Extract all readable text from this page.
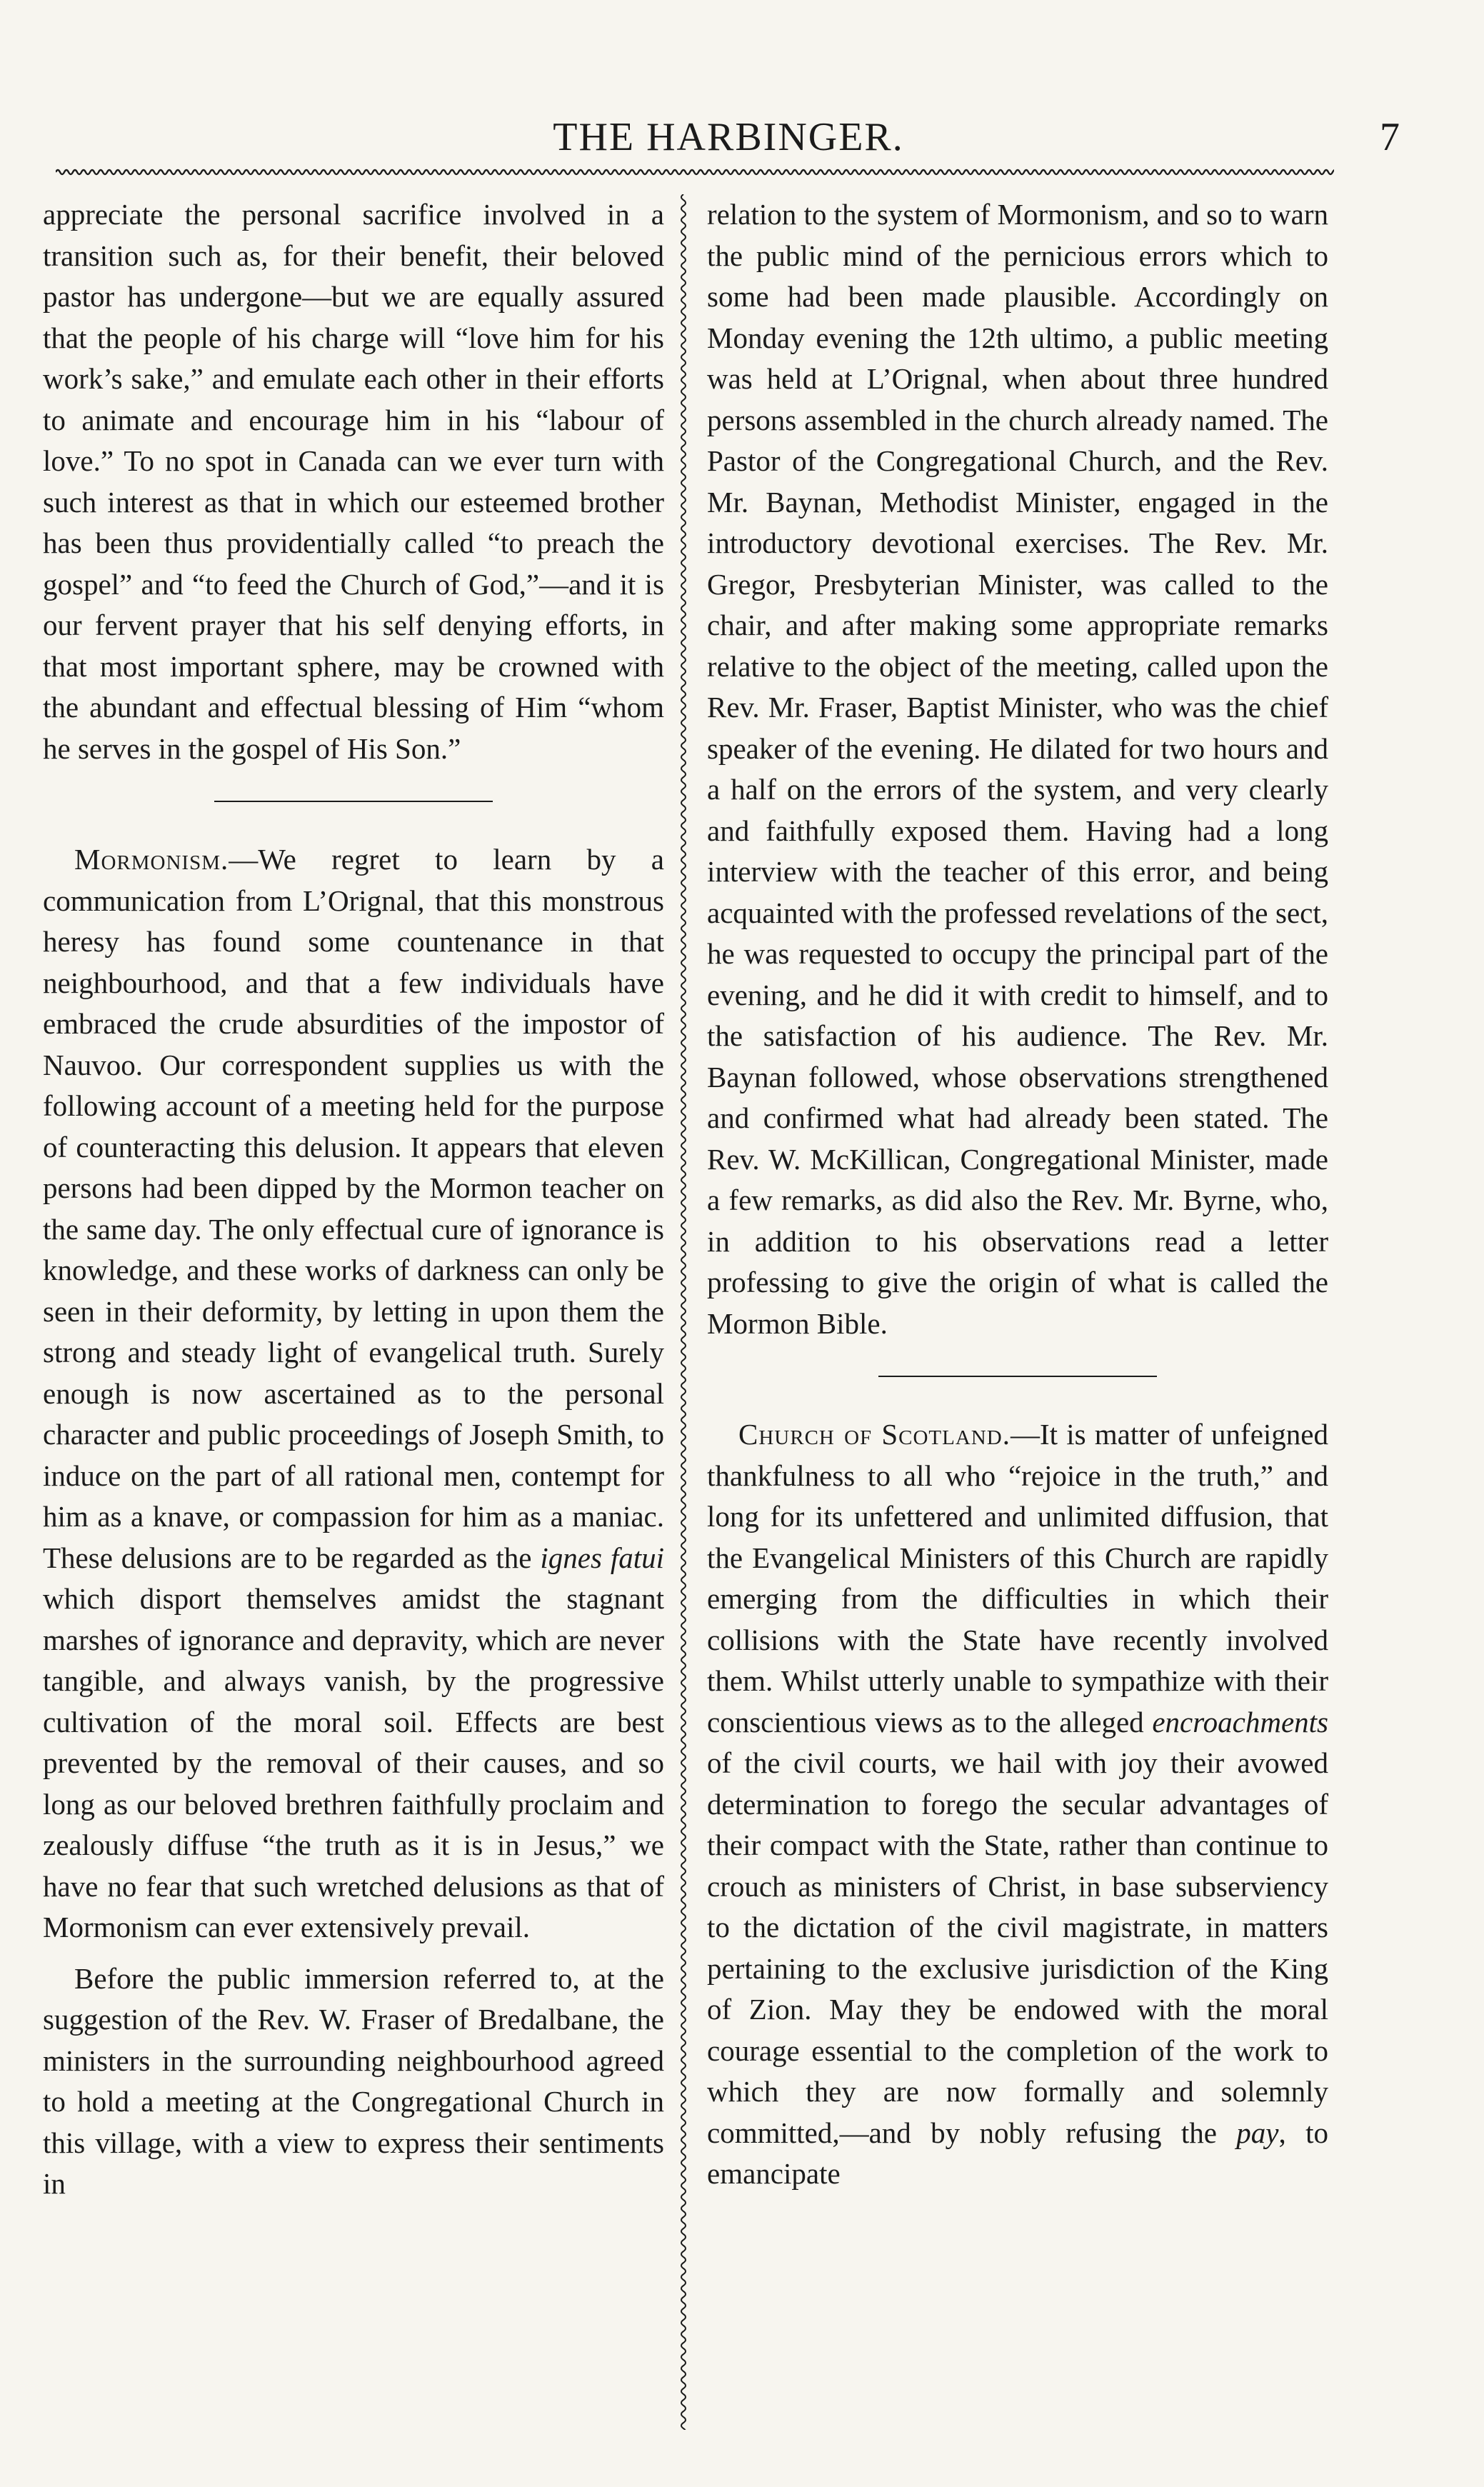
THE HARBINGER.	7

appreciate the personal sacrifice involved in a transition such as, for their benefit, their beloved pastor has undergone—but we are equally assured that the people of his charge will “love him for his work’s sake,” and emulate each other in their efforts to animate and encourage him in his “labour of love.” To no spot in Canada can we ever turn with such interest as that in which our esteemed brother has been thus providentially called “to preach the gospel” and “to feed the Church of God,”—and it is our fervent prayer that his self denying efforts, in that most important sphere, may be crowned with the abundant and effectual blessing of Him “whom he serves in the gospel of His Son.”

Mormonism.—We regret to learn by a communication from L’Orignal, that this monstrous heresy has found some countenance in that neighbourhood, and that a few individuals have embraced the crude absurdities of the impostor of Nauvoo. Our correspondent supplies us with the following account of a meeting held for the purpose of counteracting this delusion. It appears that eleven persons had been dipped by the Mormon teacher on the same day. The only effectual cure of ignorance is knowledge, and these works of darkness can only be seen in their deformity, by letting in upon them the strong and steady light of evangelical truth. Surely enough is now ascertained as to the personal character and public proceedings of Joseph Smith, to induce on the part of all rational men, contempt for him as a knave, or compassion for him as a maniac. These delusions are to be regarded as the ignes fatui which disport themselves amidst the stagnant marshes of ignorance and depravity, which are never tangible, and always vanish, by the progressive cultivation of the moral soil. Effects are best prevented by the removal of their causes, and so long as our beloved brethren faithfully proclaim and zealously diffuse “the truth as it is in Jesus,” we have no fear that such wretched delusions as that of Mormonism can ever extensively prevail.

Before the public immersion referred to, at the suggestion of the Rev. W. Fraser of Bredalbane, the ministers in the surrounding neighbourhood agreed to hold a meeting at the Congregational Church in this village, with a view to express their sentiments in

relation to the system of Mormonism, and so to warn the public mind of the pernicious errors which to some had been made plausible. Accordingly on Monday evening the 12th ultimo, a public meeting was held at L’Orignal, when about three hundred persons assembled in the church already named. The Pastor of the Congregational Church, and the Rev. Mr. Baynan, Methodist Minister, engaged in the introductory devotional exercises. The Rev. Mr. Gregor, Presbyterian Minister, was called to the chair, and after making some appropriate remarks relative to the object of the meeting, called upon the Rev. Mr. Fraser, Baptist Minister, who was the chief speaker of the evening. He dilated for two hours and a half on the errors of the system, and very clearly and faithfully exposed them. Having had a long interview with the teacher of this error, and being acquainted with the professed revelations of the sect, he was requested to occupy the principal part of the evening, and he did it with credit to himself, and to the satisfaction of his audience. The Rev. Mr. Baynan followed, whose observations strengthened and confirmed what had already been stated. The Rev. W. McKillican, Congregational Minister, made a few remarks, as did also the Rev. Mr. Byrne, who, in addition to his observations read a letter professing to give the origin of what is called the Mormon Bible.

Church of Scotland.—It is matter of unfeigned thankfulness to all who “rejoice in the truth,” and long for its unfettered and unlimited diffusion, that the Evangelical Ministers of this Church are rapidly emerging from the difficulties in which their collisions with the State have recently involved them. Whilst utterly unable to sympathize with their conscientious views as to the alleged encroachments of the civil courts, we hail with joy their avowed determination to forego the secular advantages of their compact with the State, rather than continue to crouch as ministers of Christ, in base subserviency to the dictation of the civil magistrate, in matters pertaining to the exclusive jurisdiction of the King of Zion. May they be endowed with the moral courage essential to the completion of the work to which they are now formally and solemnly committed,—and by nobly refusing the pay, to emancipate
